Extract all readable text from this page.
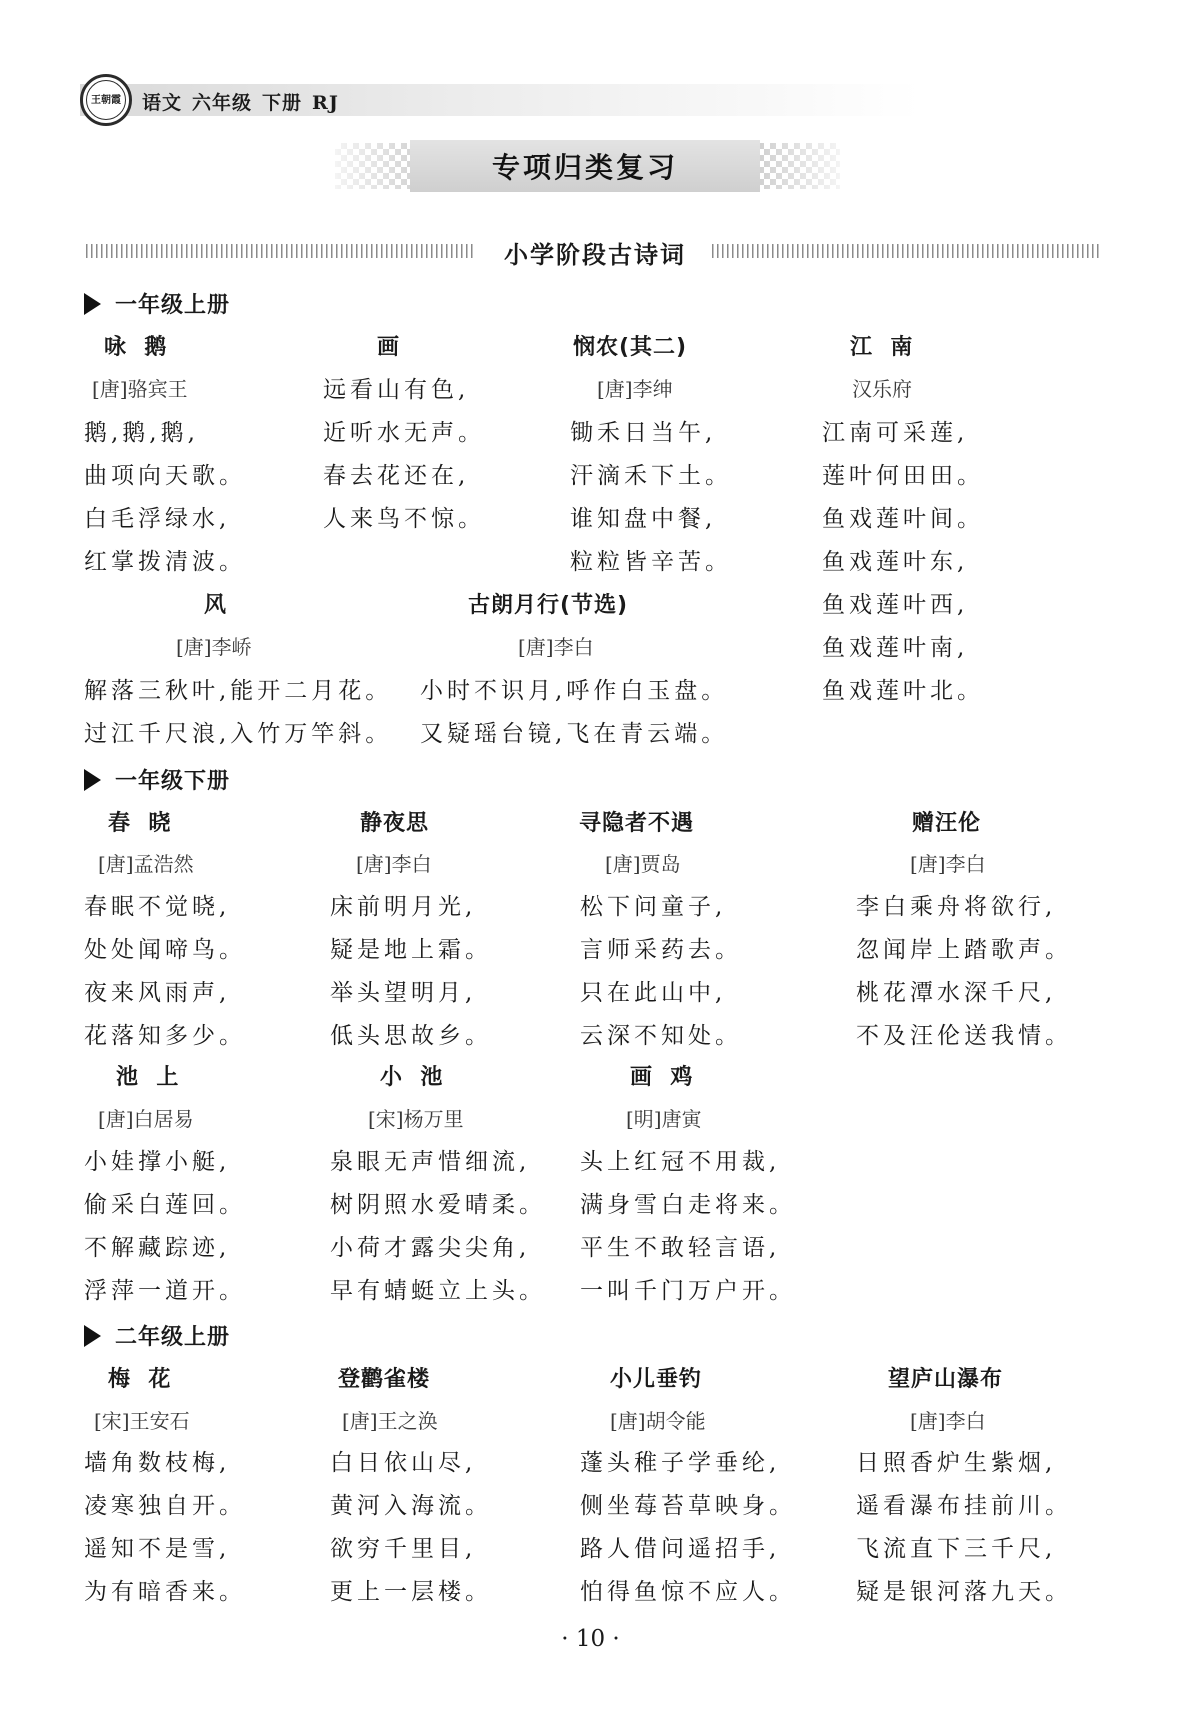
王朝霞 语文 六年级 下册 RJ
专项归类复习
小学阶段古诗词
一年级上册
咏  鹅
[唐]骆宾王
鹅,鹅,鹅,
曲项向天歌。
白毛浮绿水,
红掌拨清波。
画
远看山有色,
近听水无声。
春去花还在,
人来鸟不惊。
悯农(其二)
[唐]李绅
锄禾日当午,
汗滴禾下土。
谁知盘中餐,
粒粒皆辛苦。
江  南
汉乐府
江南可采莲,
莲叶何田田。
鱼戏莲叶间。
鱼戏莲叶东,
鱼戏莲叶西,
鱼戏莲叶南,
鱼戏莲叶北。
风
[唐]李峤
解落三秋叶,能开二月花。
过江千尺浪,入竹万竿斜。
古朗月行(节选)
[唐]李白
小时不识月,呼作白玉盘。
又疑瑶台镜,飞在青云端。
一年级下册
春  晓
[唐]孟浩然
春眠不觉晓,
处处闻啼鸟。
夜来风雨声,
花落知多少。
静夜思
[唐]李白
床前明月光,
疑是地上霜。
举头望明月,
低头思故乡。
寻隐者不遇
[唐]贾岛
松下问童子,
言师采药去。
只在此山中,
云深不知处。
赠汪伦
[唐]李白
李白乘舟将欲行,
忽闻岸上踏歌声。
桃花潭水深千尺,
不及汪伦送我情。
池  上
[唐]白居易
小娃撑小艇,
偷采白莲回。
不解藏踪迹,
浮萍一道开。
小  池
[宋]杨万里
泉眼无声惜细流,
树阴照水爱晴柔。
小荷才露尖尖角,
早有蜻蜓立上头。
画  鸡
[明]唐寅
头上红冠不用裁,
满身雪白走将来。
平生不敢轻言语,
一叫千门万户开。
二年级上册
梅  花
[宋]王安石
墙角数枝梅,
凌寒独自开。
遥知不是雪,
为有暗香来。
登鹳雀楼
[唐]王之涣
白日依山尽,
黄河入海流。
欲穷千里目,
更上一层楼。
小儿垂钓
[唐]胡令能
蓬头稚子学垂纶,
侧坐莓苔草映身。
路人借问遥招手,
怕得鱼惊不应人。
望庐山瀑布
[唐]李白
日照香炉生紫烟,
遥看瀑布挂前川。
飞流直下三千尺,
疑是银河落九天。
· 10 ·
